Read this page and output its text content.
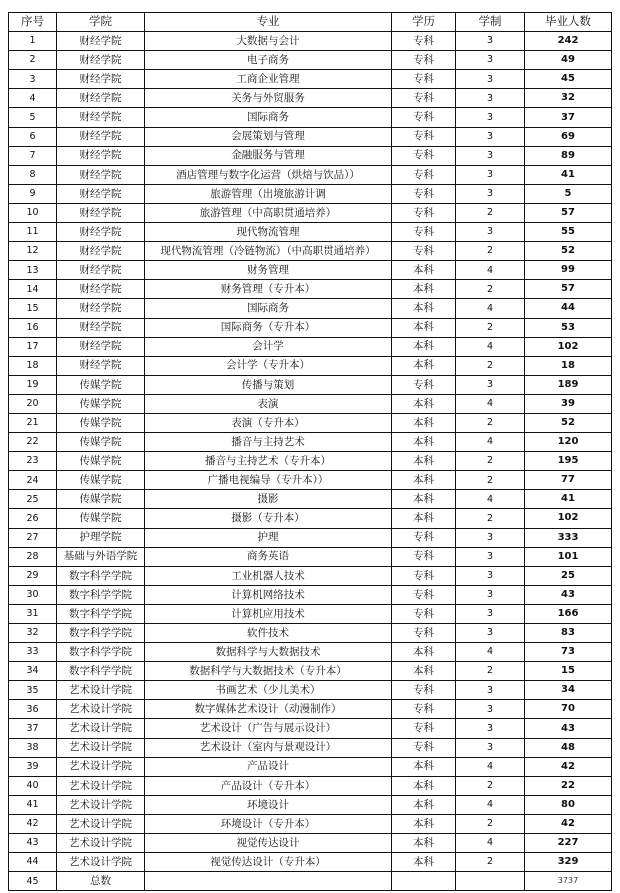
序号	学院	专业	学历	学制	毕业人数
1	财经学院	大数据与会计	专科	3	242
2	财经学院	电子商务	专科	3	49
3	财经学院	工商企业管理	专科	3	45
4	财经学院	关务与外贸服务	专科	3	32
5	财经学院	国际商务	专科	3	37
6	财经学院	会展策划与管理	专科	3	69
7	财经学院	金融服务与管理	专科	3	89
8	财经学院	酒店管理与数字化运营（烘焙与饮品））	专科	3	41
9	财经学院	旅游管理（出境旅游计调	专科	3	5
10	财经学院	旅游管理（中高职贯通培养）	专科	2	57
11	财经学院	现代物流管理	专科	3	55
12	财经学院	现代物流管理（冷链物流）（中高职贯通培养）	专科	2	52
13	财经学院	财务管理	本科	4	99
14	财经学院	财务管理（专升本）	本科	2	57
15	财经学院	国际商务	本科	4	44
16	财经学院	国际商务（专升本）	本科	2	53
17	财经学院	会计学	本科	4	102
18	财经学院	会计学（专升本）	本科	2	18
19	传媒学院	传播与策划	专科	3	189
20	传媒学院	表演	本科	4	39
21	传媒学院	表演（专升本）	本科	2	52
22	传媒学院	播音与主持艺术	本科	4	120
23	传媒学院	播音与主持艺术（专升本）	本科	2	195
24	传媒学院	广播电视编导（专升本））	本科	2	77
25	传媒学院	摄影	本科	4	41
26	传媒学院	摄影（专升本）	本科	2	102
27	护理学院	护理	专科	3	333
28	基础与外语学院	商务英语	专科	3	101
29	数字科学学院	工业机器人技术	专科	3	25
30	数字科学学院	计算机网络技术	专科	3	43
31	数字科学学院	计算机应用技术	专科	3	166
32	数字科学学院	软件技术	专科	3	83
33	数字科学学院	数据科学与大数据技术	本科	4	73
34	数字科学学院	数据科学与大数据技术（专升本）	本科	2	15
35	艺术设计学院	书画艺术（少儿美术）	专科	3	34
36	艺术设计学院	数字媒体艺术设计（动漫制作）	专科	3	70
37	艺术设计学院	艺术设计（广告与展示设计）	专科	3	43
38	艺术设计学院	艺术设计（室内与景观设计）	专科	3	48
39	艺术设计学院	产品设计	本科	4	42
40	艺术设计学院	产品设计（专升本）	本科	2	22
41	艺术设计学院	环境设计	本科	4	80
42	艺术设计学院	环境设计（专升本）	本科	2	42
43	艺术设计学院	视觉传达设计	本科	4	227
44	艺术设计学院	视觉传达设计（专升本）	本科	2	329
45	总数				3737
